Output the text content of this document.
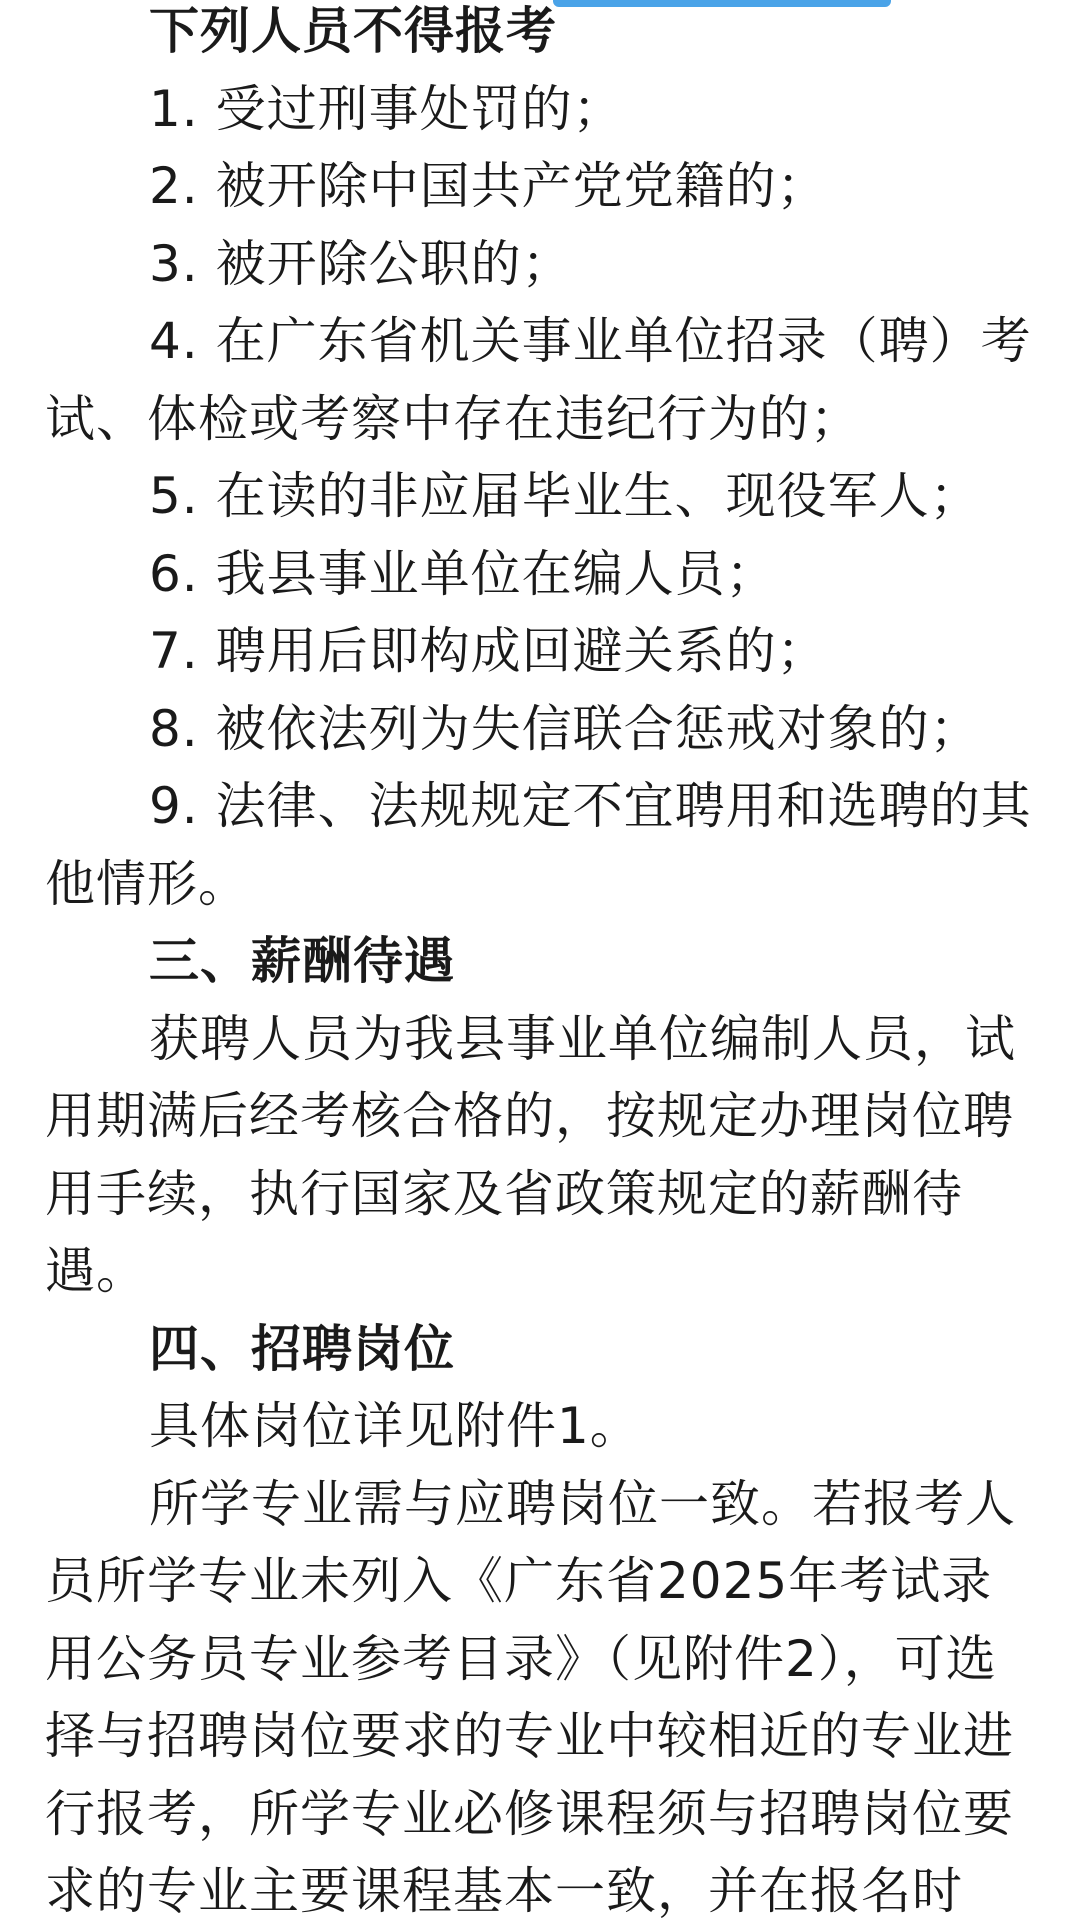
下列人员不得报考

1. 受过刑事处罚的；

2. 被开除中国共产党党籍的；

3. 被开除公职的；

4. 在广东省机关事业单位招录（聘）考试、体检或考察中存在违纪行为的；

5. 在读的非应届毕业生、现役军人；

6. 我县事业单位在编人员；

7. 聘用后即构成回避关系的；

8. 被依法列为失信联合惩戒对象的；

9. 法律、法规规定不宜聘用和选聘的其他情形。

三、薪酬待遇

获聘人员为我县事业单位编制人员，试用期满后经考核合格的，按规定办理岗位聘用手续，执行国家及省政策规定的薪酬待遇。

四、招聘岗位

具体岗位详见附件1。

所学专业需与应聘岗位一致。若报考人员所学专业未列入《广东省2025年考试录用公务员专业参考目录》（见附件2），可选择与招聘岗位要求的专业中较相近的专业进行报考，所学专业必修课程须与招聘岗位要求的专业主要课程基本一致，并在报名时
